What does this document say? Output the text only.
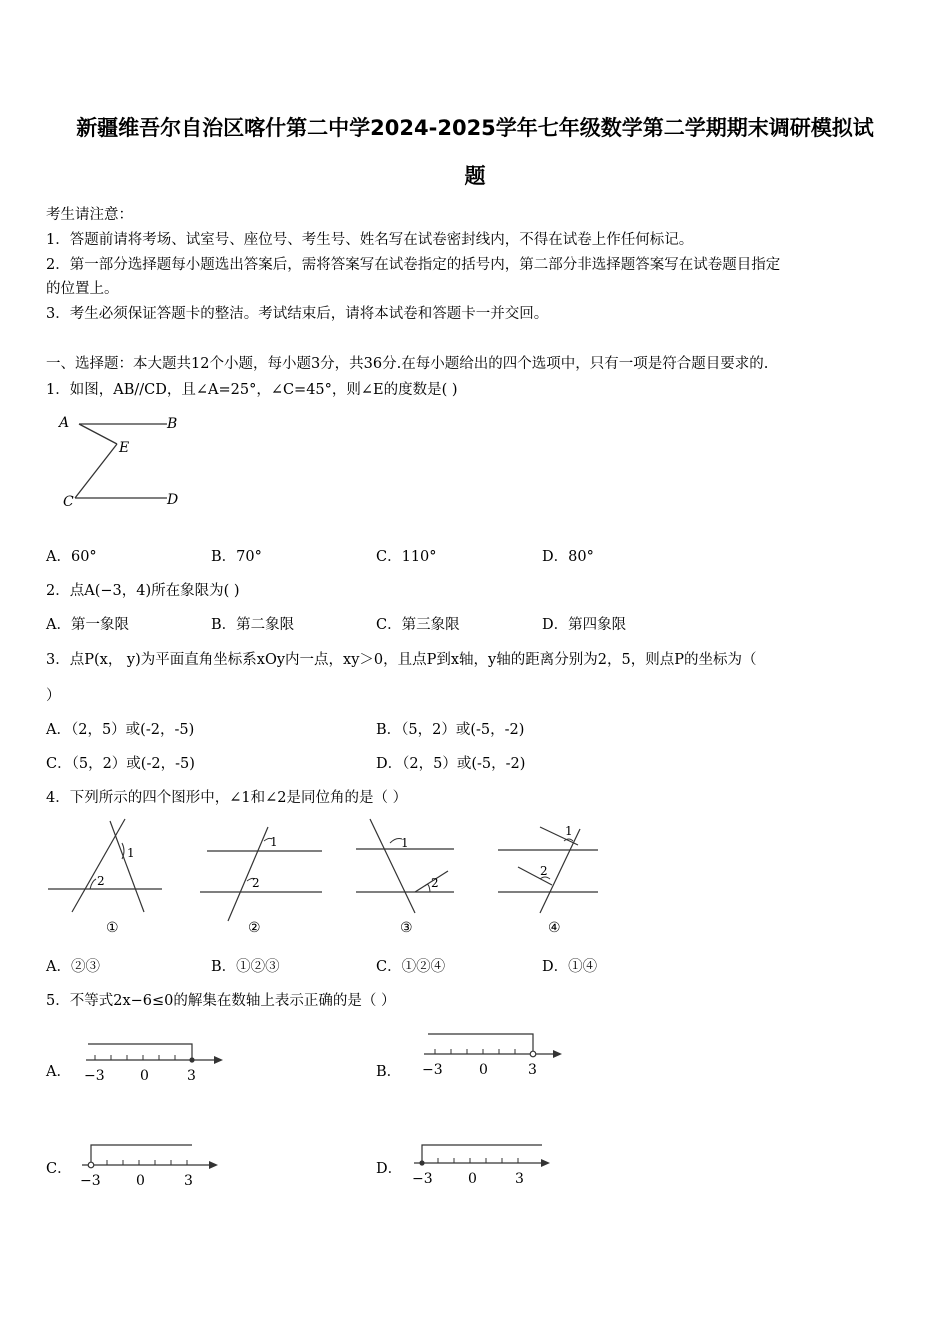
新疆维吾尔自治区喀什第二中学2024-2025学年七年级数学第二学期期末调研模拟试
题
考生请注意：
1．答题前请将考场、试室号、座位号、考生号、姓名写在试卷密封线内，不得在试卷上作任何标记。
2．第一部分选择题每小题选出答案后，需将答案写在试卷指定的括号内，第二部分非选择题答案写在试卷题目指定
的位置上。
3．考生必须保证答题卡的整洁。考试结束后，请将本试卷和答题卡一并交回。
一、选择题：本大题共12个小题，每小题3分，共36分.在每小题给出的四个选项中，只有一项是符合题目要求的.
1．如图，AB//CD，且∠A=25°，∠C=45°，则∠E的度数是( )
A	B
E
C	D
A．60°	B．70°	C．110°	D．80°
2．点A(−3，4)所在象限为( )
A．第一象限	B．第二象限	C．第三象限	D．第四象限
3．点P(x， y)为平面直角坐标系xOy内一点，xy＞0，且点P到x轴，y轴的距离分别为2，5，则点P的坐标为（
）
A．（2，5）或(-2，-5)	B．（5，2）或(-5，-2)
C．（5，2）或(-2，-5)	D．（2，5）或(-5，-2)
4．下列所示的四个图形中，∠1和∠2是同位角的是（ ）
1
2
①
1
2
②
1
2
③
1
2
④
A．②③	B．①②③	C．①②④	D．①④
5．不等式2x−6≤0的解集在数轴上表示正确的是（ ）
A． −3	0	3	B． −3	0	3
C．
−3	0	3
D．
−3	0	3
